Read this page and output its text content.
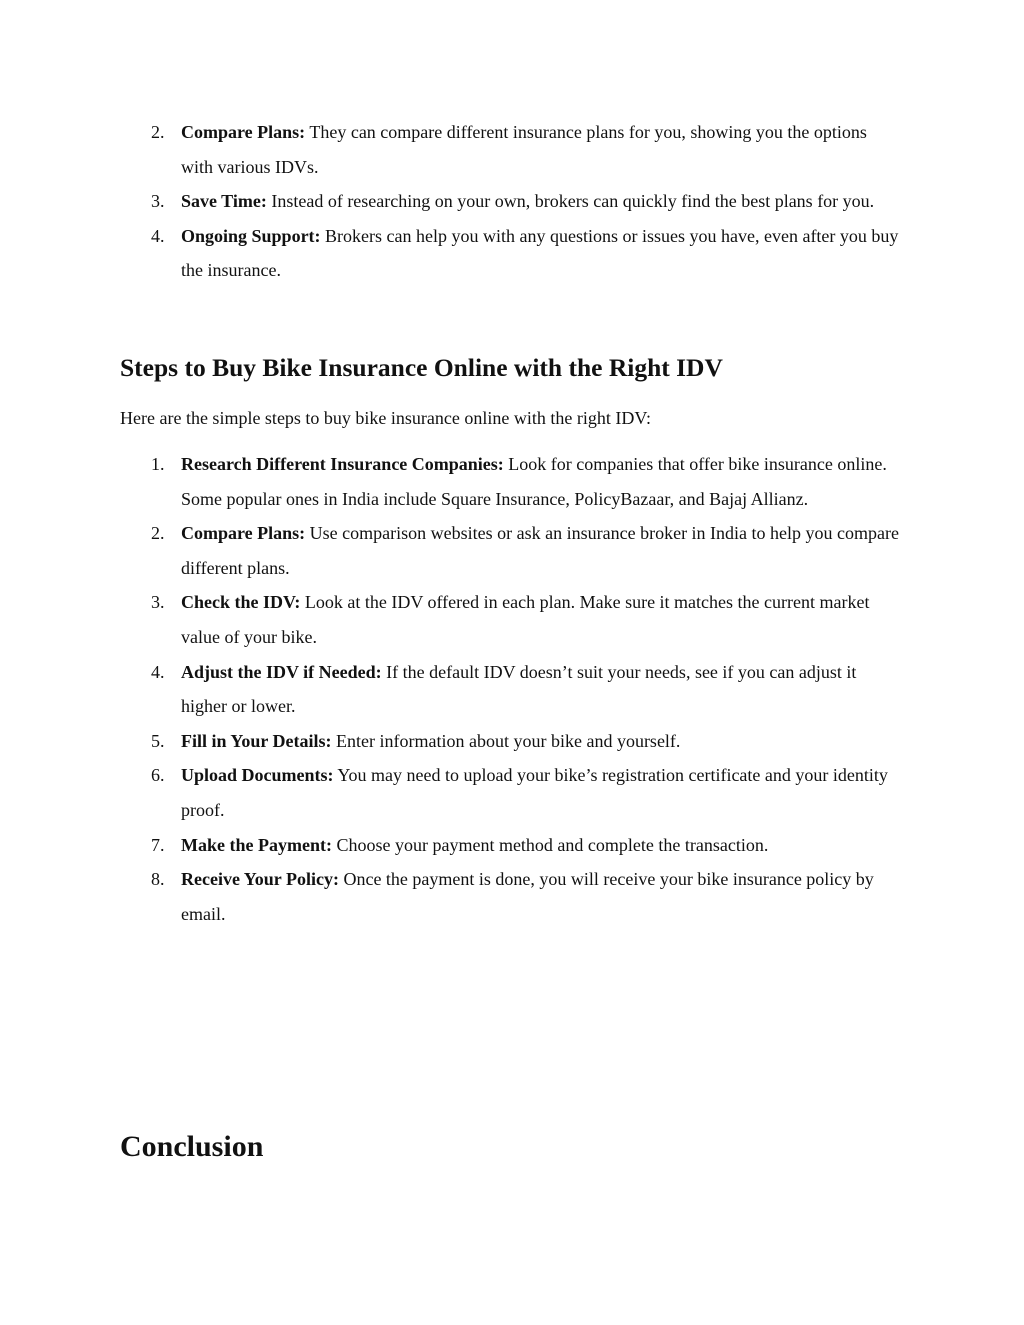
2. Compare Plans: They can compare different insurance plans for you, showing you the options with various IDVs.
3. Save Time: Instead of researching on your own, brokers can quickly find the best plans for you.
4. Ongoing Support: Brokers can help you with any questions or issues you have, even after you buy the insurance.
Steps to Buy Bike Insurance Online with the Right IDV

Here are the simple steps to buy bike insurance online with the right IDV:

1. Research Different Insurance Companies: Look for companies that offer bike insurance online. Some popular ones in India include Square Insurance, PolicyBazaar, and Bajaj Allianz.
2. Compare Plans: Use comparison websites or ask an insurance broker in India to help you compare different plans.
3. Check the IDV: Look at the IDV offered in each plan. Make sure it matches the current market value of your bike.
4. Adjust the IDV if Needed: If the default IDV doesn’t suit your needs, see if you can adjust it higher or lower.
5. Fill in Your Details: Enter information about your bike and yourself.
6. Upload Documents: You may need to upload your bike’s registration certificate and your identity proof.
7. Make the Payment: Choose your payment method and complete the transaction.
8. Receive Your Policy: Once the payment is done, you will receive your bike insurance policy by email.
Conclusion
